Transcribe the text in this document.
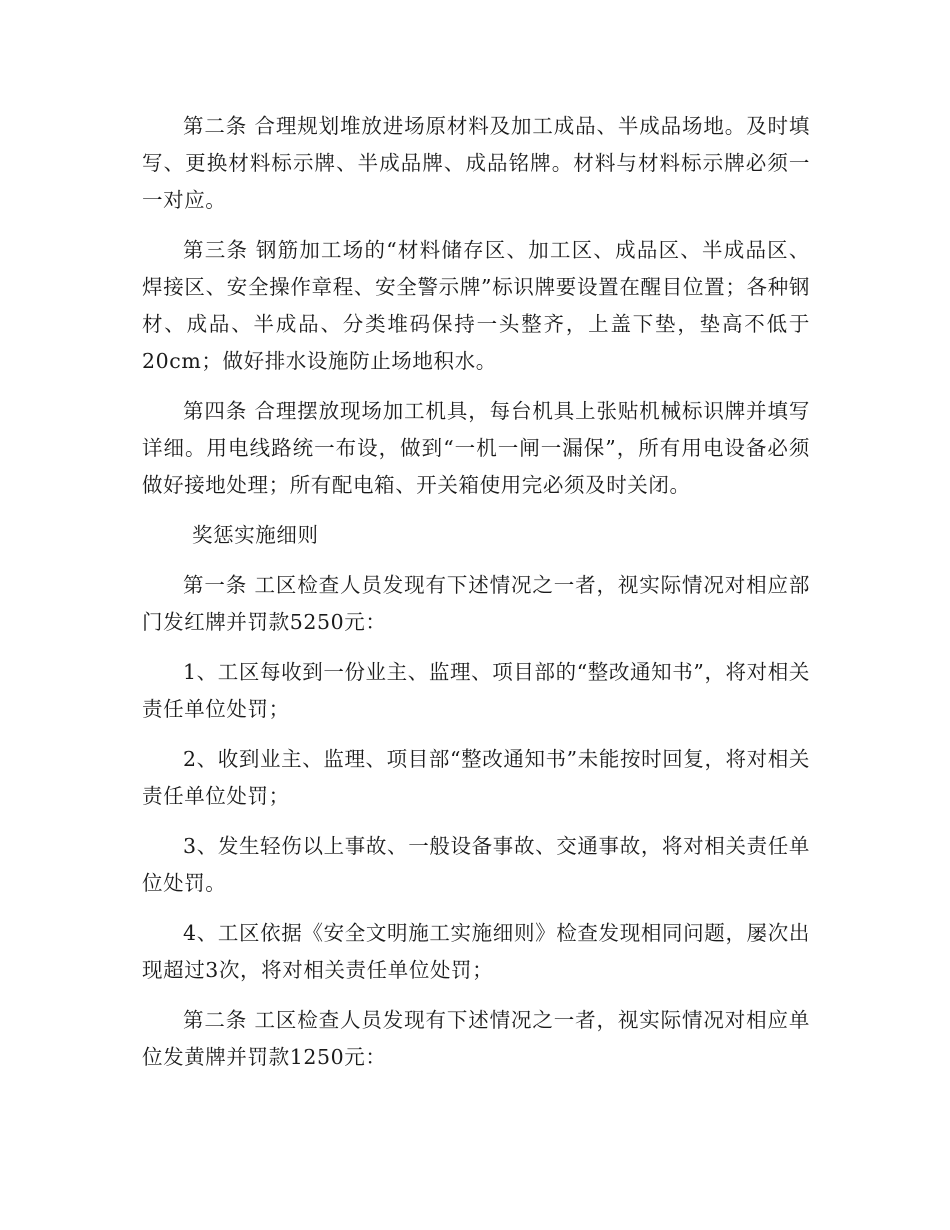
第二条 合理规划堆放进场原材料及加工成品、半成品场地。及时填写、更换材料标示牌、半成品牌、成品铭牌。材料与材料标示牌必须一一对应。

第三条 钢筋加工场的“材料储存区、加工区、成品区、半成品区、焊接区、安全操作章程、安全警示牌”标识牌要设置在醒目位置；各种钢材、成品、半成品、分类堆码保持一头整齐，上盖下垫，垫高不低于20cm；做好排水设施防止场地积水。

第四条 合理摆放现场加工机具，每台机具上张贴机械标识牌并填写详细。用电线路统一布设，做到“一机一闸一漏保”，所有用电设备必须做好接地处理；所有配电箱、开关箱使用完必须及时关闭。

奖惩实施细则

第一条 工区检查人员发现有下述情况之一者，视实际情况对相应部门发红牌并罚款5250元：

1、工区每收到一份业主、监理、项目部的“整改通知书”，将对相关责任单位处罚；

2、收到业主、监理、项目部“整改通知书”未能按时回复，将对相关责任单位处罚；

3、发生轻伤以上事故、一般设备事故、交通事故，将对相关责任单位处罚。

4、工区依据《安全文明施工实施细则》检查发现相同问题，屡次出现超过3次，将对相关责任单位处罚；

第二条 工区检查人员发现有下述情况之一者，视实际情况对相应单位发黄牌并罚款1250元：
